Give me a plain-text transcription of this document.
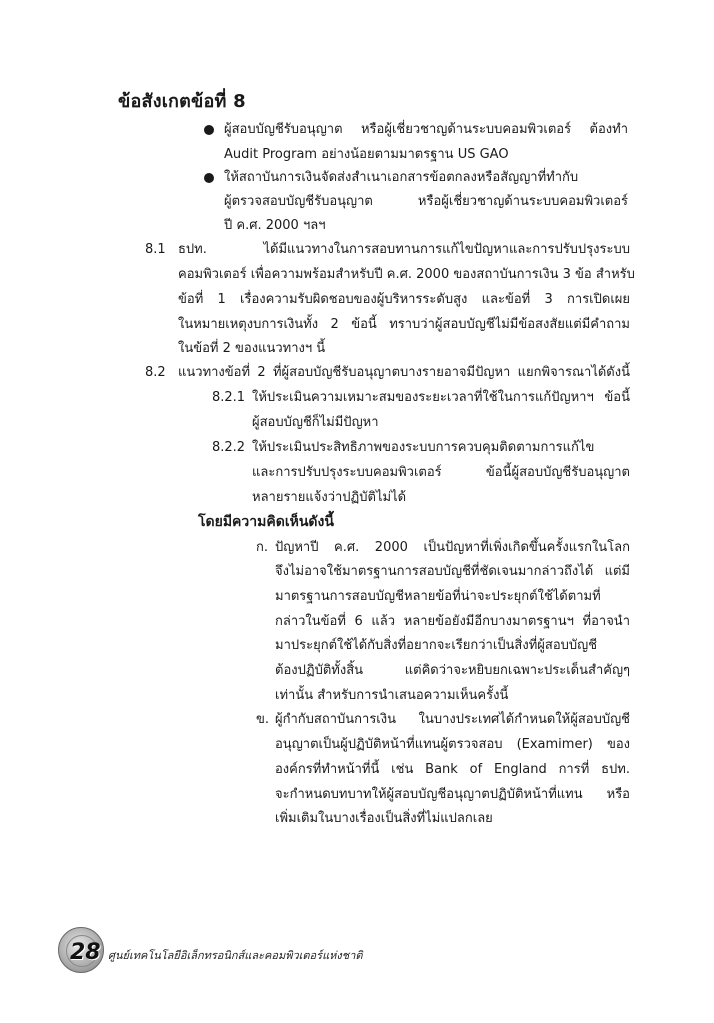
ข้อสังเกตข้อที่ 8
ผู้สอบบัญชีรับอนุญาต หรือผู้เชี่ยวชาญด้านระบบคอมพิวเตอร์ ต้องทำ
Audit Program อย่างน้อยตามมาตรฐาน US GAO
ให้สถาบันการเงินจัดส่งสำเนาเอกสารข้อตกลงหรือสัญญาที่ทำกับ
ผู้ตรวจสอบบัญชีรับอนุญาต หรือผู้เชี่ยวชาญด้านระบบคอมพิวเตอร์
ปี ค.ศ. 2000 ฯลฯ
8.1 ธปท. ได้มีแนวทางในการสอบทานการแก้ไขปัญหาและการปรับปรุงระบบ
คอมพิวเตอร์ เพื่อความพร้อมสำหรับปี ค.ศ. 2000 ของสถาบันการเงิน 3 ข้อ สำหรับ
ข้อที่ 1 เรื่องความรับผิดชอบของผู้บริหารระดับสูง และข้อที่ 3 การเปิดเผย
ในหมายเหตุงบการเงินทั้ง 2 ข้อนี้ ทราบว่าผู้สอบบัญชีไม่มีข้อสงสัยแต่มีคำถาม
ในข้อที่ 2 ของแนวทางฯ นี้
8.2 แนวทางข้อที่ 2 ที่ผู้สอบบัญชีรับอนุญาตบางรายอาจมีปัญหา แยกพิจารณาได้ดังนี้
8.2.1 ให้ประเมินความเหมาะสมของระยะเวลาที่ใช้ในการแก้ปัญหาฯ ข้อนี้
ผู้สอบบัญชีก็ไม่มีปัญหา
8.2.2 ให้ประเมินประสิทธิภาพของระบบการควบคุมติดตามการแก้ไข
และการปรับปรุงระบบคอมพิวเตอร์ ข้อนี้ผู้สอบบัญชีรับอนุญาต
หลายรายแจ้งว่าปฏิบัติไม่ได้
โดยมีความคิดเห็นดังนี้
ก. ปัญหาปี ค.ศ. 2000 เป็นปัญหาที่เพิ่งเกิดขึ้นครั้งแรกในโลก
จึงไม่อาจใช้มาตรฐานการสอบบัญชีที่ชัดเจนมากล่าวถึงได้ แต่มี
มาตรฐานการสอบบัญชีหลายข้อที่น่าจะประยุกต์ใช้ได้ตามที่
กล่าวในข้อที่ 6 แล้ว หลายข้อยังมีอีกบางมาตรฐานฯ ที่อาจนำ
มาประยุกต์ใช้ได้กับสิ่งที่อยากจะเรียกว่าเป็นสิ่งที่ผู้สอบบัญชี
ต้องปฏิบัติทั้งสิ้น แต่คิดว่าจะหยิบยกเฉพาะประเด็นสำคัญๆ
เท่านั้น สำหรับการนำเสนอความเห็นครั้งนี้
ข. ผู้กำกับสถาบันการเงิน ในบางประเทศได้กำหนดให้ผู้สอบบัญชี
อนุญาตเป็นผู้ปฏิบัติหน้าที่แทนผู้ตรวจสอบ (Examimer) ของ
องค์กรที่ทำหน้าที่นี้ เช่น Bank of England การที่ ธปท.
จะกำหนดบทบาทให้ผู้สอบบัญชีอนุญาตปฏิบัติหน้าที่แทน หรือ
เพิ่มเติมในบางเรื่องเป็นสิ่งที่ไม่แปลกเลย
28 ศูนย์เทคโนโลยีอิเล็กทรอนิกส์และคอมพิวเตอร์แห่งชาติ
